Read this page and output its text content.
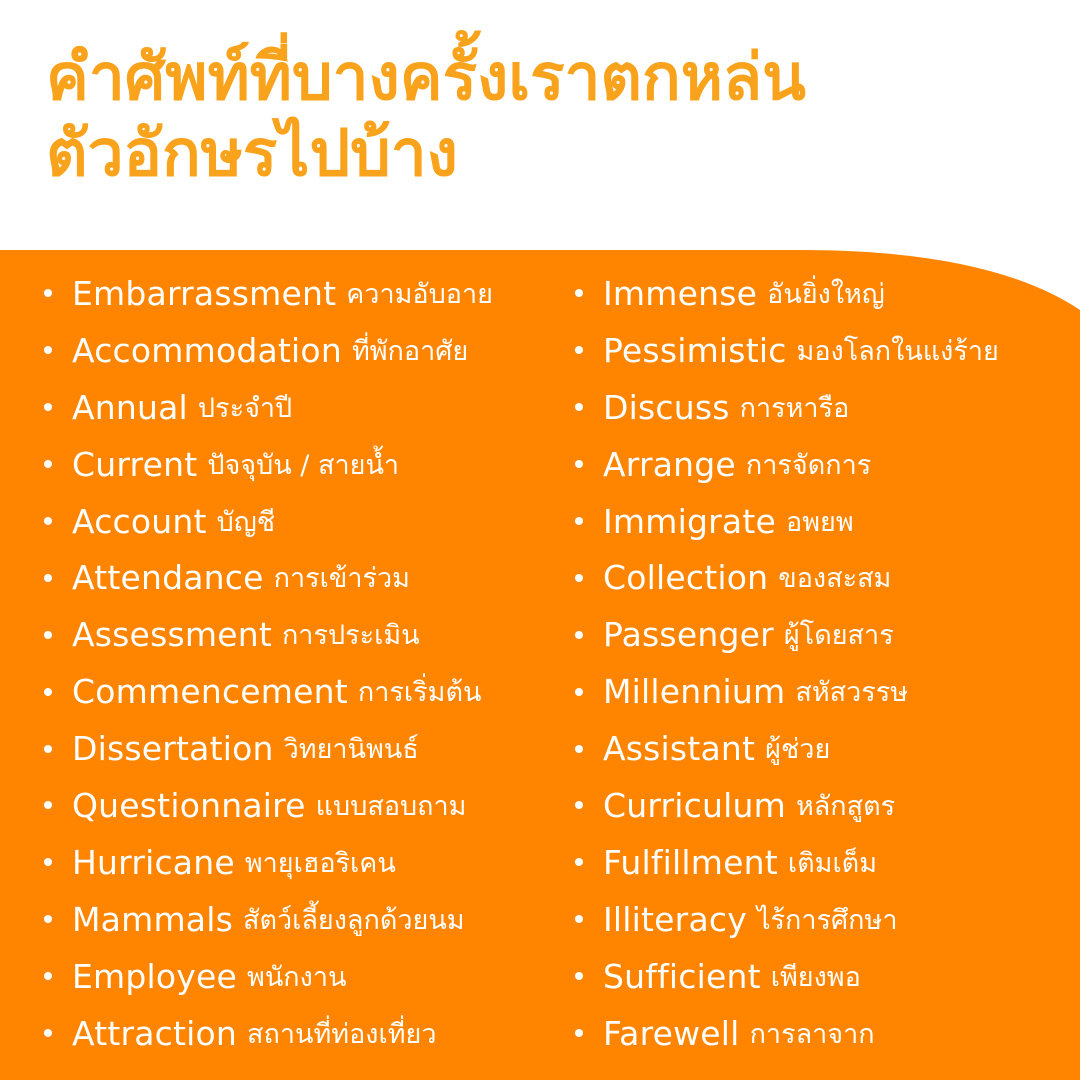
คำศัพท์ที่บางครั้งเราตกหล่น
ตัวอักษรไปบ้าง
Embarrassment ความอับอาย
Accommodation ที่พักอาศัย
Annual ประจำปี
Current ปัจจุบัน / สายน้ำ
Account บัญชี
Attendance การเข้าร่วม
Assessment การประเมิน
Commencement การเริ่มต้น
Dissertation วิทยานิพนธ์
Questionnaire แบบสอบถาม
Hurricane พายุเฮอริเคน
Mammals สัตว์เลี้ยงลูกด้วยนม
Employee พนักงาน
Attraction สถานที่ท่องเที่ยว
Immense อันยิ่งใหญ่
Pessimistic มองโลกในแง่ร้าย
Discuss การหารือ
Arrange การจัดการ
Immigrate อพยพ
Collection ของสะสม
Passenger ผู้โดยสาร
Millennium สหัสวรรษ
Assistant ผู้ช่วย
Curriculum หลักสูตร
Fulfillment เติมเต็ม
Illiteracy ไร้การศึกษา
Sufficient เพียงพอ
Farewell การลาจาก
